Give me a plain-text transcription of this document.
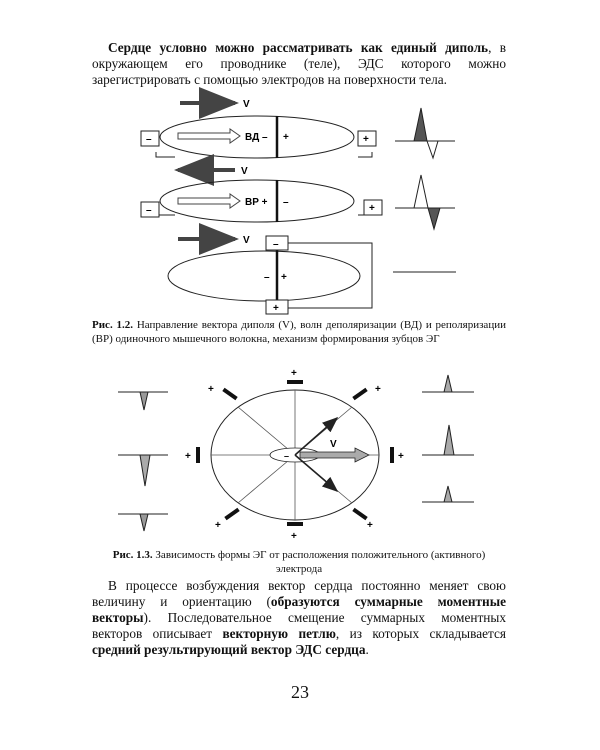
Сердце условно можно рассматривать как единый диполь, в окружающем его проводнике (теле), ЭДС которого можно зарегистрировать с помощью электродов на поверхности тела.

V
ВД – +
–	+
V
ВР + –
–	+
V
– +
–
+

Рис. 1.2. Направление вектора диполя (V), волн деполяризации (ВД) и реполяризации (ВР) одиночного мышечного волокна, механизм формирования зубцов ЭГ

–
V
+
+
+	+
+	+
+	+

Рис. 1.3. Зависимость формы ЭГ от расположения положительного (активного) электрода

В процессе возбуждения вектор сердца постоянно меняет свою величину и ориентацию (образуются суммарные моментные векторы). Последовательное смещение суммарных моментных векторов описывает векторную петлю, из которых складывается средний результирующий вектор ЭДС сердца.

23
